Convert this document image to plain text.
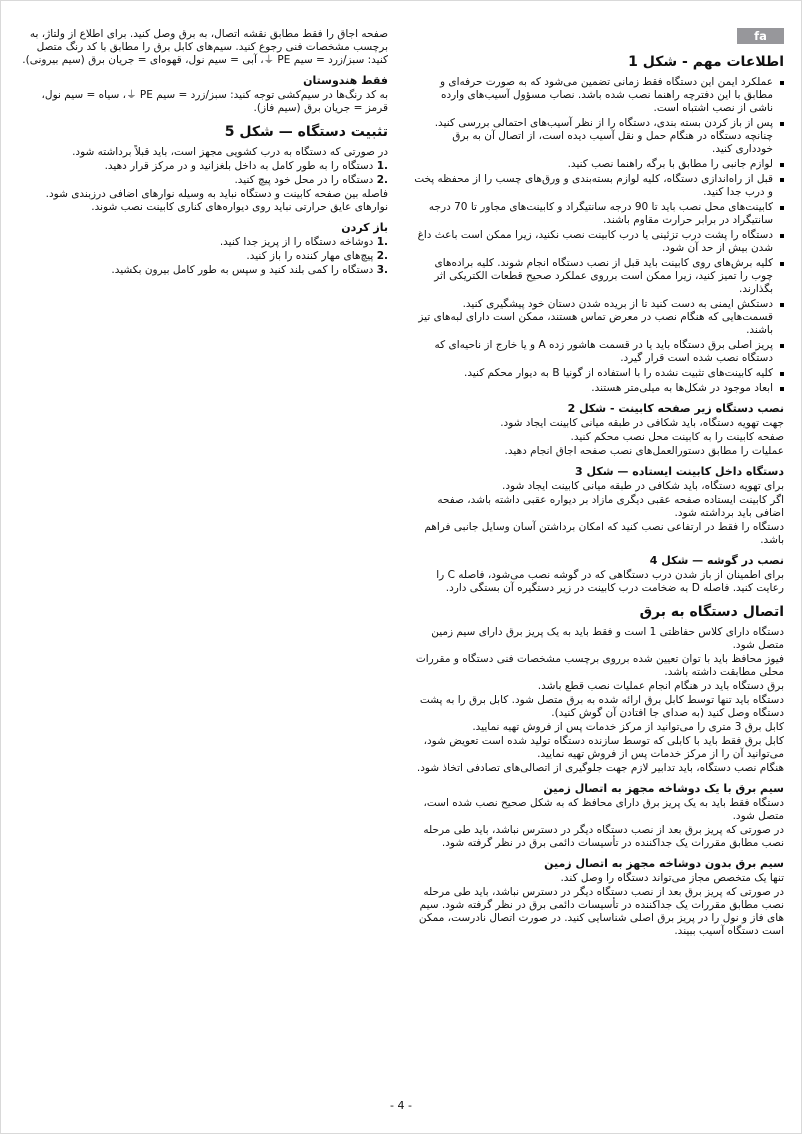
fa
اطلاعات مهم - شكل 1
عملكرد ايمن اين دستگاه فقط زمانی تضمين می‌شود كه به صورت حرفه‌ای و مطابق با اين دفترچه راهنما نصب شده باشد. نصاب مسؤول آسيب‌های وارده ناشی از نصب اشتباه است.
پس از باز كردن بسته بندی، دستگاه را از نظر آسيب‌های احتمالی بررسی كنيد. چنانچه دستگاه در هنگام حمل و نقل آسيب ديده است، از اتصال آن به برق خودداری كنيد.
لوازم جانبی را مطابق با برگه راهنما نصب كنيد.
قبل از راه‌اندازی دستگاه، كليه لوازم بسته‌بندی و ورق‌های چسب را از محفظه پخت و درب جدا كنيد.
كابينت‌های محل نصب بايد تا 90 درجه سانتيگراد و كابينت‌های مجاور تا 70 درجه سانتيگراد در برابر حرارت مقاوم باشند.
دستگاه را پشت درب تزئينی يا درب كابينت نصب نكنيد، زيرا ممكن است باعث داغ شدن بيش از حد آن شود.
كليه برش‌های روی كابينت بايد قبل از نصب دستگاه انجام شوند. كليه براده‌های چوب را تميز كنيد، زيرا ممكن است برروی عملكرد صحيح قطعات الكتريكی اثر بگذارند.
دستكش ايمنی به دست كنيد تا از بريده شدن دستان خود پيشگيری كنيد. قسمت‌هايی كه هنگام نصب در معرض تماس هستند، ممكن است دارای لبه‌های تيز باشند.
پريز اصلی برق دستگاه بايد يا در قسمت هاشور زده A و يا خارج از ناحيه‌ای كه دستگاه نصب شده است قرار گيرد.
كليه كابينت‌های تثبيت نشده را با استفاده از گونيا B به ديوار محكم كنيد.
ابعاد موجود در شكل‌ها به ميلی‌متر هستند.
نصب دستگاه زير صفحه كابينت - شكل 2
جهت تهويه دستگاه، بايد شكافی در طبقه ميانی كابينت ايجاد شود.
صفحه كابينت را به كابينت محل نصب محكم كنيد.
عمليات را مطابق دستورالعمل‌های نصب صفحه اجاق انجام دهيد.
دستگاه داخل كابينت ايستاده — شكل 3
برای تهويه دستگاه، بايد شكافی در طبقه ميانی كابينت ايجاد شود.
اگر كابينت ايستاده صفحه عقبی ديگری مازاد بر ديواره عقبی داشته باشد، صفحه اضافی بايد برداشته شود.
دستگاه را فقط در ارتفاعی نصب كنيد كه امكان برداشتن آسان وسايل جانبی فراهم باشد.
نصب در گوشه — شكل 4
برای اطمينان از باز شدن درب دستگاهی كه در گوشه نصب می‌شود، فاصله C را رعايت كنيد. فاصله D به ضخامت درب كابينت در زير دستگيره آن بستگی دارد.
اتصال دستگاه به برق
دستگاه دارای كلاس حفاظتی 1 است و فقط بايد به يک پريز برق دارای سيم زمين متصل شود.
فيوز محافظ بايد با توان تعيين شده برروی برچسب مشخصات فنی دستگاه و مقررات محلی مطابقت داشته باشد.
برق دستگاه بايد در هنگام انجام عمليات نصب قطع باشد.
دستگاه بايد تنها توسط كابل برق ارائه شده به برق متصل شود. كابل برق را به پشت دستگاه وصل كنيد (به صدای جا افتادن آن گوش كنيد).
كابل برق 3 متری را می‌توانيد از مركز خدمات پس از فروش تهيه نماييد.
كابل برق فقط بايد با كابلی كه توسط سازنده دستگاه توليد شده است تعويض شود، می‌توانيد آن را از مركز خدمات پس از فروش تهيه نماييد.
هنگام نصب دستگاه، بايد تدابير لازم جهت جلوگيری از اتصالی‌های تصادفی اتخاذ شود.
سيم برق با يک دوشاخه مجهز به اتصال زمين
دستگاه فقط بايد به يک پريز برق دارای محافظ كه به شكل صحيح نصب شده است، متصل شود.
در صورتی كه پريز برق بعد از نصب دستگاه ديگر در دسترس نباشد، بايد طی مرحله نصب مطابق مقررات يک جداكننده در تأسيسات دائمی برق در نظر گرفته شود.
سيم برق بدون دوشاخه مجهز به اتصال زمين
تنها يک متخصص مجاز می‌تواند دستگاه را وصل كند.
در صورتی كه پريز برق بعد از نصب دستگاه ديگر در دسترس نباشد، بايد طی مرحله نصب مطابق مقررات يک جداكننده در تأسيسات دائمی برق در نظر گرفته شود. سيم های فاز و نول را در پريز برق اصلی شناسايی كنيد. در صورت اتصال نادرست، ممكن است دستگاه آسيب ببيند.
صفحه اجاق را فقط مطابق نقشه اتصال، به برق وصل كنيد. برای اطلاع از ولتاژ، به برچسب مشخصات فنی رجوع كنيد. سيم‌های كابل برق را مطابق با كد رنگ متصل كنيد: سبز/زرد = سيم PE ⏚، آبی = سيم نول، قهوه‌ای = جريان برق (سيم بيرونی).
فقط هندوستان
به كد رنگ‌ها در سيم‌كشی توجه كنيد: سبز/زرد = سيم PE ⏚، سياه = سيم نول، قرمز = جريان برق (سيم فاز).
تثبيت دستگاه — شكل 5
در صورتی كه دستگاه به درب كشويی مجهز است، بايد قبلاً برداشته شود.
1. دستگاه را به طور كامل به داخل بلغزانيد و در مركز قرار دهيد.
2. دستگاه را در محل خود پيچ كنيد.
فاصله بين صفحه كابينت و دستگاه نبايد به وسيله نوارهای اضافی درزبندی شود. نوارهای عايق حرارتی نبايد روی ديواره‌های كناری كابينت نصب شوند.
باز كردن
1. دوشاخه دستگاه را از پريز جدا كنيد.
2. پيچ‌های مهار كننده را باز كنيد.
3. دستگاه را كمی بلند كنيد و سپس به طور كامل بيرون بكشيد.
- 4 -
